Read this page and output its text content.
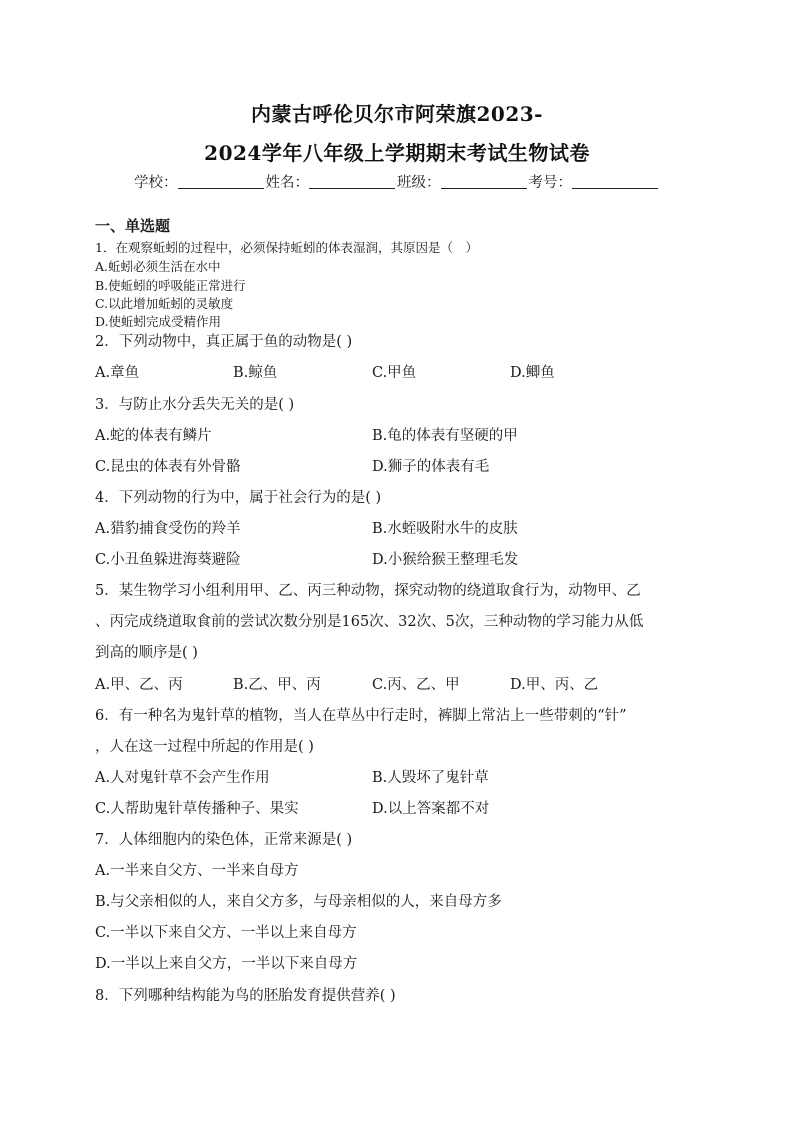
内蒙古呼伦贝尔市阿荣旗2023-
2024学年八年级上学期期末考试生物试卷
学校：	姓名：	班级：	考号：
一、单选题
1．在观察蚯蚓的过程中，必须保持蚯蚓的体表湿润，其原因是（　）
A.蚯蚓必须生活在水中
B.使蚯蚓的呼吸能正常进行
C.以此增加蚯蚓的灵敏度
D.使蚯蚓完成受精作用
2．下列动物中，真正属于鱼的动物是( )
A.章鱼	B.鲸鱼	C.甲鱼	D.鲫鱼
3．与防止水分丢失无关的是( )
A.蛇的体表有鳞片	B.龟的体表有坚硬的甲
C.昆虫的体表有外骨骼	D.狮子的体表有毛
4．下列动物的行为中，属于社会行为的是( )
A.猎豹捕食受伤的羚羊	B.水蛭吸附水牛的皮肤
C.小丑鱼躲进海葵避险	D.小猴给猴王整理毛发
5．某生物学习小组利用甲、乙、丙三种动物，探究动物的绕道取食行为，动物甲、乙
、丙完成绕道取食前的尝试次数分别是165次、32次、5次，三种动物的学习能力从低
到高的顺序是( )
A.甲、乙、丙	B.乙、甲、丙	C.丙、乙、甲	D.甲、丙、乙
6．有一种名为鬼针草的植物，当人在草丛中行走时，裤脚上常沾上一些带刺的“针”
，人在这一过程中所起的作用是( )
A.人对鬼针草不会产生作用	B.人毁坏了鬼针草
C.人帮助鬼针草传播种子、果实	D.以上答案都不对
7．人体细胞内的染色体，正常来源是( )
A.一半来自父方、一半来自母方
B.与父亲相似的人，来自父方多，与母亲相似的人，来自母方多
C.一半以下来自父方、一半以上来自母方
D.一半以上来自父方，一半以下来自母方
8．下列哪种结构能为鸟的胚胎发育提供营养( )
